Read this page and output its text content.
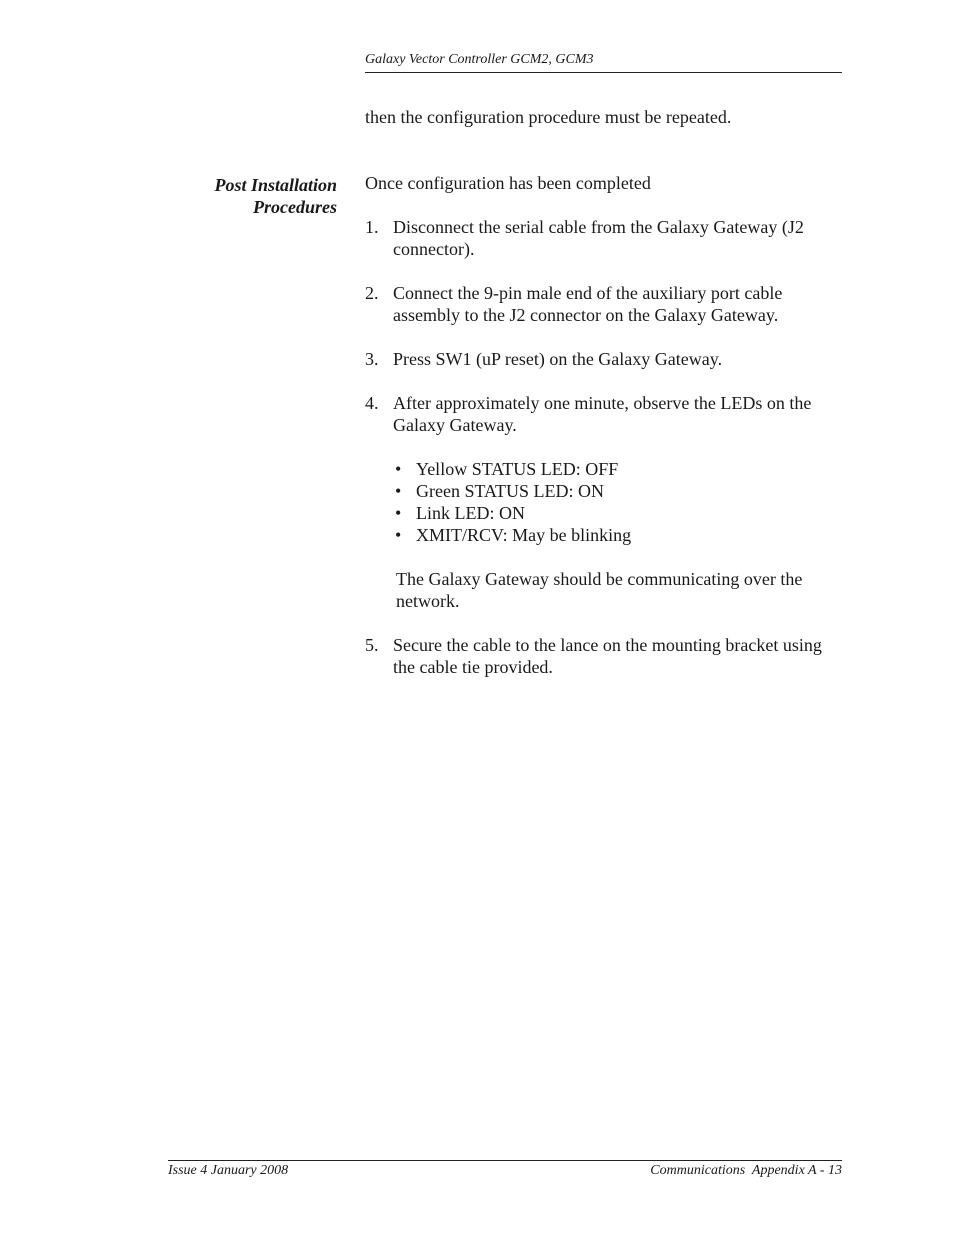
Galaxy Vector Controller GCM2, GCM3
then the configuration procedure must be repeated.
Post Installation
Procedures
Once configuration has been completed
1. Disconnect the serial cable from the Galaxy Gateway (J2 connector).
2. Connect the 9-pin male end of the auxiliary port cable assembly to the J2 connector on the Galaxy Gateway.
3. Press SW1 (uP reset) on the Galaxy Gateway.
4. After approximately one minute, observe the LEDs on the Galaxy Gateway.
• Yellow STATUS LED: OFF
• Green STATUS LED: ON
• Link LED: ON
• XMIT/RCV: May be blinking
The Galaxy Gateway should be communicating over the network.
5. Secure the cable to the lance on the mounting bracket using the cable tie provided.
Issue 4 January 2008	Communications  Appendix A - 13
